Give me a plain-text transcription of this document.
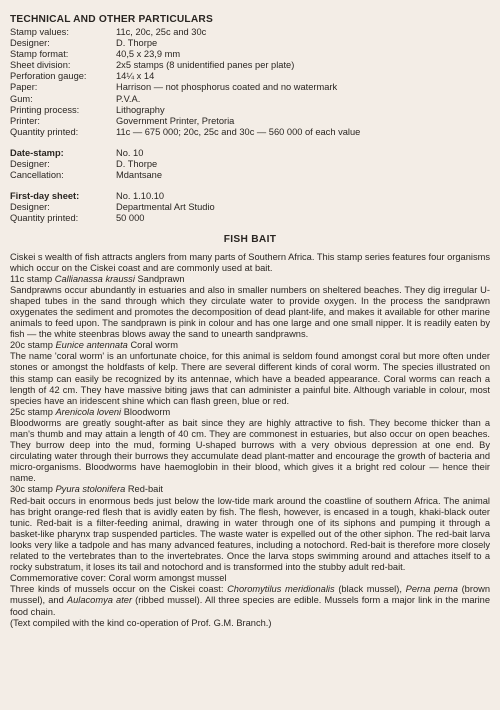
TECHNICAL AND OTHER PARTICULARS
Stamp values:	11c, 20c, 25c and 30c
Designer:	D. Thorpe
Stamp format:	40,5 x 23,9 mm
Sheet division:	2x5 stamps (8 unidentified panes per plate)
Perforation gauge:	14¼ x 14
Paper:	Harrison — not phosphorus coated and no watermark
Gum:	P.V.A.
Printing process:	Lithography
Printer:	Government Printer, Pretoria
Quantity printed:	11c — 675 000; 20c, 25c and 30c — 560 000 of each value
Date-stamp:	No. 10
Designer:	D. Thorpe
Cancellation:	Mdantsane
First-day sheet:	No. 1.10.10
Designer:	Departmental Art Studio
Quantity printed:	50 000
FISH BAIT

Ciskei s wealth of fish attracts anglers from many parts of Southern Africa. This stamp series features four organisms which occur on the Ciskei coast and are commonly used at bait.

11c stamp Callianassa kraussi Sandprawn

Sandprawns occur abundantly in estuaries and also in smaller numbers on sheltered beaches. They dig irregular U-shaped tubes in the sand through which they circulate water to provide oxygen. In the process the sandprawn oxygenates the sediment and promotes the decomposition of dead plant-life, and makes it available for other marine animals to feed upon. The sandprawn is pink in colour and has one large and one small nipper. It is readily eaten by fish — the white steenbras blows away the sand to unearth sandprawns.

20c stamp Eunice antennata Coral worm

The name 'coral worm' is an unfortunate choice, for this animal is seldom found amongst coral but more often under stones or amongst the holdfasts of kelp. There are several different kinds of coral worm. The species illustrated on this stamp can easily be recognized by its antennae, which have a beaded appearance. Coral worms can reach a length of 42 cm. They have massive biting jaws that can administer a painful bite. Although variable in colour, most species have an iridescent shine which can flash green, blue or red.

25c stamp Arenicola loveni Bloodworm

Bloodworms are greatly sought-after as bait since they are highly attractive to fish. They become thicker than a man's thumb and may attain a length of 40 cm. They are commonest in estuaries, but also occur on open beaches. They burrow deep into the mud, forming U-shaped burrows with a very obvious depression at one end. By circulating water through their burrows they accumulate dead plant-matter and encourage the growth of bacteria and micro-organisms. Bloodworms have haemoglobin in their blood, which gives it a bright red colour — hence their name.

30c stamp Pyura stolonifera Red-bait

Red-bait occurs in enormous beds just below the low-tide mark around the coastline of southern Africa. The animal has bright orange-red flesh that is avidly eaten by fish. The flesh, however, is encased in a tough, khaki-black outer tunic. Red-bait is a filter-feeding animal, drawing in water through one of its siphons and pumping it through a basket-like pharynx trap suspended particles. The waste water is expelled out of the other siphon. The red-bait larva looks very like a tadpole and has many advanced features, including a notochord. Red-bait is therefore more closely related to the vertebrates than to the invertebrates. Once the larva stops swimming around and attaches itself to a rocky substratum, it loses its tail and notochord and is transformed into the stubby adult red-bait.

Commemorative cover: Coral worm amongst mussel

Three kinds of mussels occur on the Ciskei coast: Choromytilus meridionalis (black mussel), Perna perna (brown mussel), and Aulacomya ater (ribbed mussel). All three species are edible. Mussels form a major link in the marine food chain.

(Text compiled with the kind co-operation of Prof. G.M. Branch.)
